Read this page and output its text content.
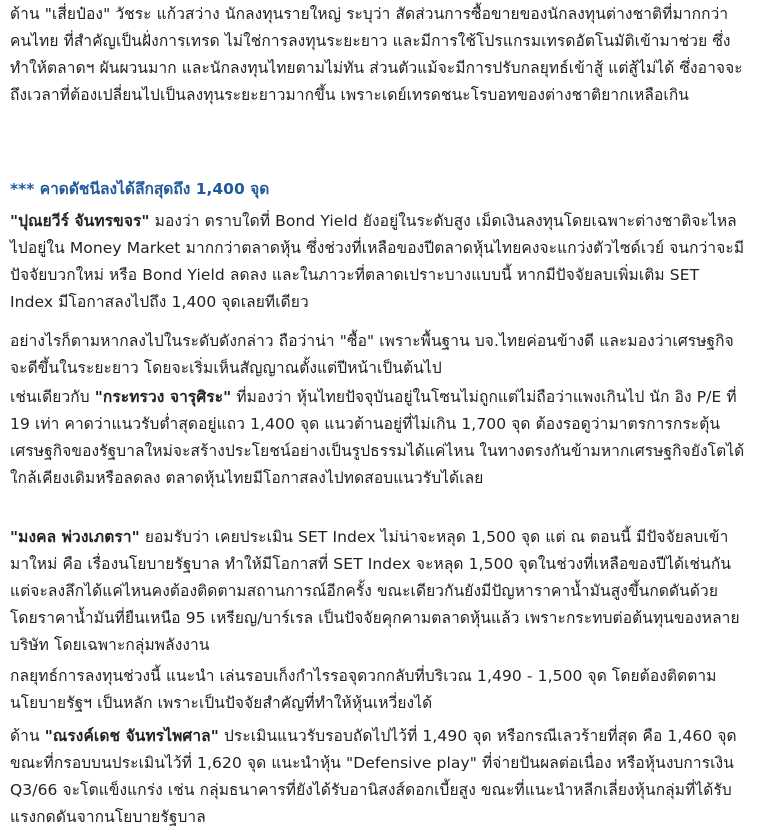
ด้าน "เสี่ยป๋อง" วัชระ แก้วสว่าง นักลงทุนรายใหญ่ ระบุว่า สัดส่วนการซื้อขายของนักลงทุนต่างชาติที่มากกว่าคนไทย ที่สำคัญเป็นฝั่งการเทรด ไม่ใช่การลงทุนระยะยาว และมีการใช้โปรแกรมเทรดอัตโนมัติเข้ามาช่วย ซึ่งทำให้ตลาดฯ ผันผวนมาก และนักลงทุนไทยตามไม่ทัน ส่วนตัวแม้จะมีการปรับกลยุทธ์เข้าสู้ แต่สู้ไม่ได้ ซึ่งอาจจะถึงเวลาที่ต้องเปลี่ยนไปเป็นลงทุนระยะยาวมากขึ้น เพราะเดย์เทรดชนะโรบอทของต่างชาติยากเหลือเกิน

*** คาดดัชนีลงได้ลึกสุดถึง 1,400 จุด

"ปุณยวีร์ จันทรขจร" มองว่า ตราบใดที่ Bond Yield ยังอยู่ในระดับสูง เม็ดเงินลงทุนโดยเฉพาะต่างชาติจะไหลไปอยู่ใน Money Market มากกว่าตลาดหุ้น ซึ่งช่วงที่เหลือของปีตลาดหุ้นไทยคงจะแกว่งตัวไซด์เวย์ จนกว่าจะมีปัจจัยบวกใหม่ หรือ Bond Yield ลดลง และในภาวะที่ตลาดเปราะบางแบบนี้ หากมีปัจจัยลบเพิ่มเติม SET Index มีโอกาสลงไปถึง 1,400 จุดเลยทีเดียว

อย่างไรก็ตามหากลงไปในระดับดังกล่าว ถือว่าน่า "ซื้อ" เพราะพื้นฐาน บจ.ไทยค่อนข้างดี และมองว่าเศรษฐกิจจะดีขึ้นในระยะยาว โดยจะเริ่มเห็นสัญญาณตั้งแต่ปีหน้าเป็นต้นไป

เช่นเดียวกับ "กระทรวง จารุศิระ" ที่มองว่า หุ้นไทยปัจจุบันอยู่ในโซนไม่ถูกแต่ไม่ถือว่าแพงเกินไป นัก อิง P/E ที่ 19 เท่า คาดว่าแนวรับต่ำสุดอยู่แถว 1,400 จุด แนวต้านอยู่ที่ไม่เกิน 1,700 จุด ต้องรอดูว่ามาตรการกระตุ้นเศรษฐกิจของรัฐบาลใหม่จะสร้างประโยชน์อย่างเป็นรูปธรรมได้แค่ไหน ในทางตรงกันข้ามหากเศรษฐกิจยังโตได้ใกล้เคียงเดิมหรือลดลง ตลาดหุ้นไทยมีโอกาสลงไปทดสอบแนวรับได้เลย

"มงคล พ่วงเภตรา" ยอมรับว่า เคยประเมิน SET Index ไม่น่าจะหลุด 1,500 จุด แต่ ณ ตอนนี้ มีปัจจัยลบเข้ามาใหม่ คือ เรื่องนโยบายรัฐบาล ทำให้มีโอกาสที่ SET Index จะหลุด 1,500 จุดในช่วงที่เหลือของปีได้เช่นกัน แต่จะลงลึกได้แค่ไหนคงต้องติดตามสถานการณ์อีกครั้ง ขณะเดียวกันยังมีปัญหาราคาน้ำมันสูงขึ้นกดดันด้วย โดยราคาน้ำมันที่ยืนเหนือ 95 เหรียญ/บาร์เรล เป็นปัจจัยคุกคามตลาดหุ้นแล้ว เพราะกระทบต่อต้นทุนของหลายบริษัท โดยเฉพาะกลุ่มพลังงาน

กลยุทธ์การลงทุนช่วงนี้ แนะนำ เล่นรอบเก็งกำไรรอจุดวกกลับที่บริเวณ 1,490 - 1,500 จุด โดยต้องติดตามนโยบายรัฐฯ เป็นหลัก เพราะเป็นปัจจัยสำคัญที่ทำให้หุ้นเหวี่ยงได้

ด้าน "ณรงค์เดช จันทรไพศาล" ประเมินแนวรับรอบถัดไปไว้ที่ 1,490 จุด หรือกรณีเลวร้ายที่สุด คือ 1,460 จุด ขณะที่กรอบบนประเมินไว้ที่ 1,620 จุด แนะนำหุ้น "Defensive play" ที่จ่ายปันผลต่อเนื่อง หรือหุ้นงบการเงิน Q3/66 จะโตแข็งแกร่ง เช่น กลุ่มธนาคารที่ยังได้รับอานิสงส์ดอกเบี้ยสูง ขณะที่แนะนำหลีกเลี่ยงหุ้นกลุ่มที่ได้รับแรงกดดันจากนโยบายรัฐบาล
